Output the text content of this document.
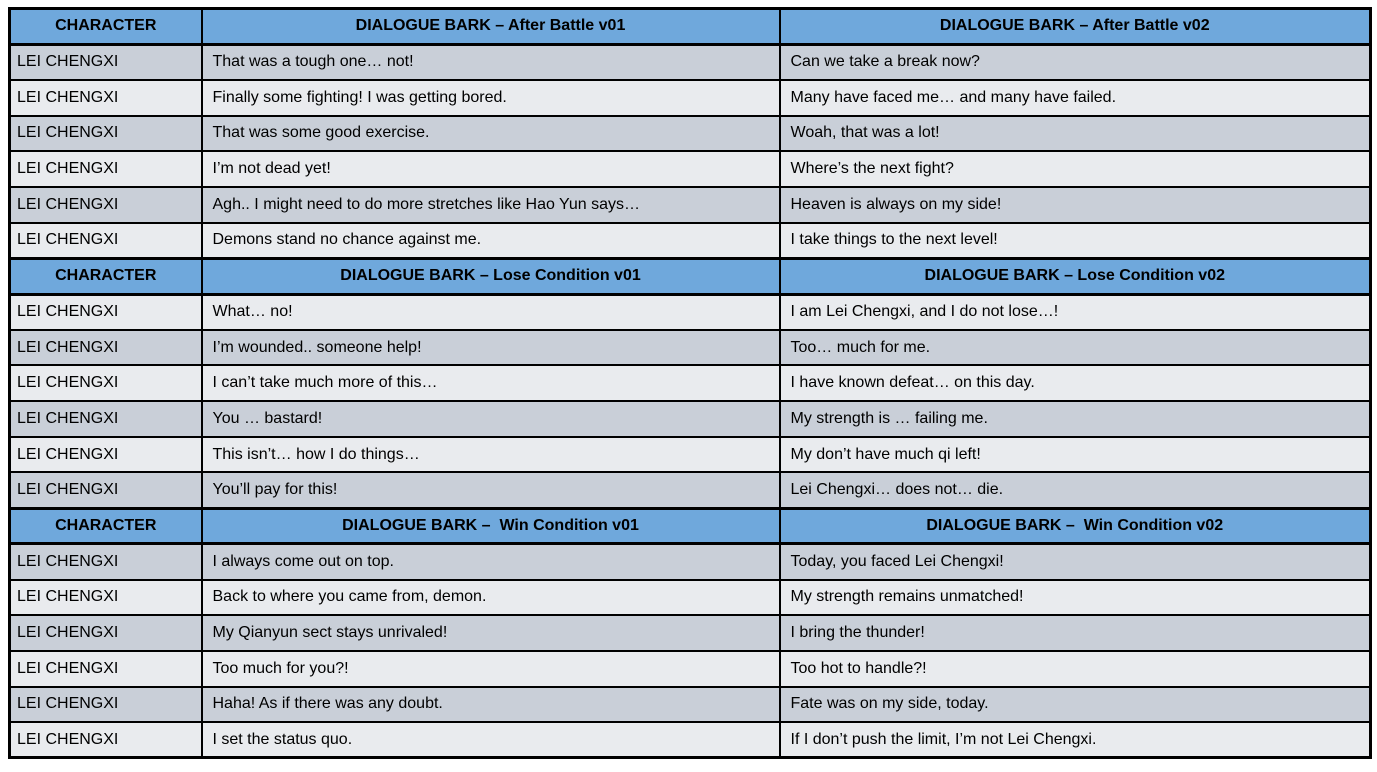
CHARACTER	DIALOGUE BARK – After Battle v01	DIALOGUE BARK – After Battle v02
LEI CHENGXI	That was a tough one… not!	Can we take a break now?
LEI CHENGXI	Finally some fighting! I was getting bored.	Many have faced me… and many have failed.
LEI CHENGXI	That was some good exercise.	Woah, that was a lot!
LEI CHENGXI	I’m not dead yet!	Where’s the next fight?
LEI CHENGXI	Agh.. I might need to do more stretches like Hao Yun says…	Heaven is always on my side!
LEI CHENGXI	Demons stand no chance against me.	I take things to the next level!
CHARACTER	DIALOGUE BARK – Lose Condition v01	DIALOGUE BARK – Lose Condition v02
LEI CHENGXI	What… no!	I am Lei Chengxi, and I do not lose…!
LEI CHENGXI	I’m wounded.. someone help!	Too… much for me.
LEI CHENGXI	I can’t take much more of this…	I have known defeat… on this day.
LEI CHENGXI	You … bastard!	My strength is … failing me.
LEI CHENGXI	This isn’t… how I do things…	My don’t have much qi left!
LEI CHENGXI	You’ll pay for this!	Lei Chengxi… does not… die.
CHARACTER	DIALOGUE BARK –  Win Condition v01	DIALOGUE BARK –  Win Condition v02
LEI CHENGXI	I always come out on top.	Today, you faced Lei Chengxi!
LEI CHENGXI	Back to where you came from, demon.	My strength remains unmatched!
LEI CHENGXI	My Qianyun sect stays unrivaled!	I bring the thunder!
LEI CHENGXI	Too much for you?!	Too hot to handle?!
LEI CHENGXI	Haha! As if there was any doubt.	Fate was on my side, today.
LEI CHENGXI	I set the status quo.	If I don’t push the limit, I’m not Lei Chengxi.
